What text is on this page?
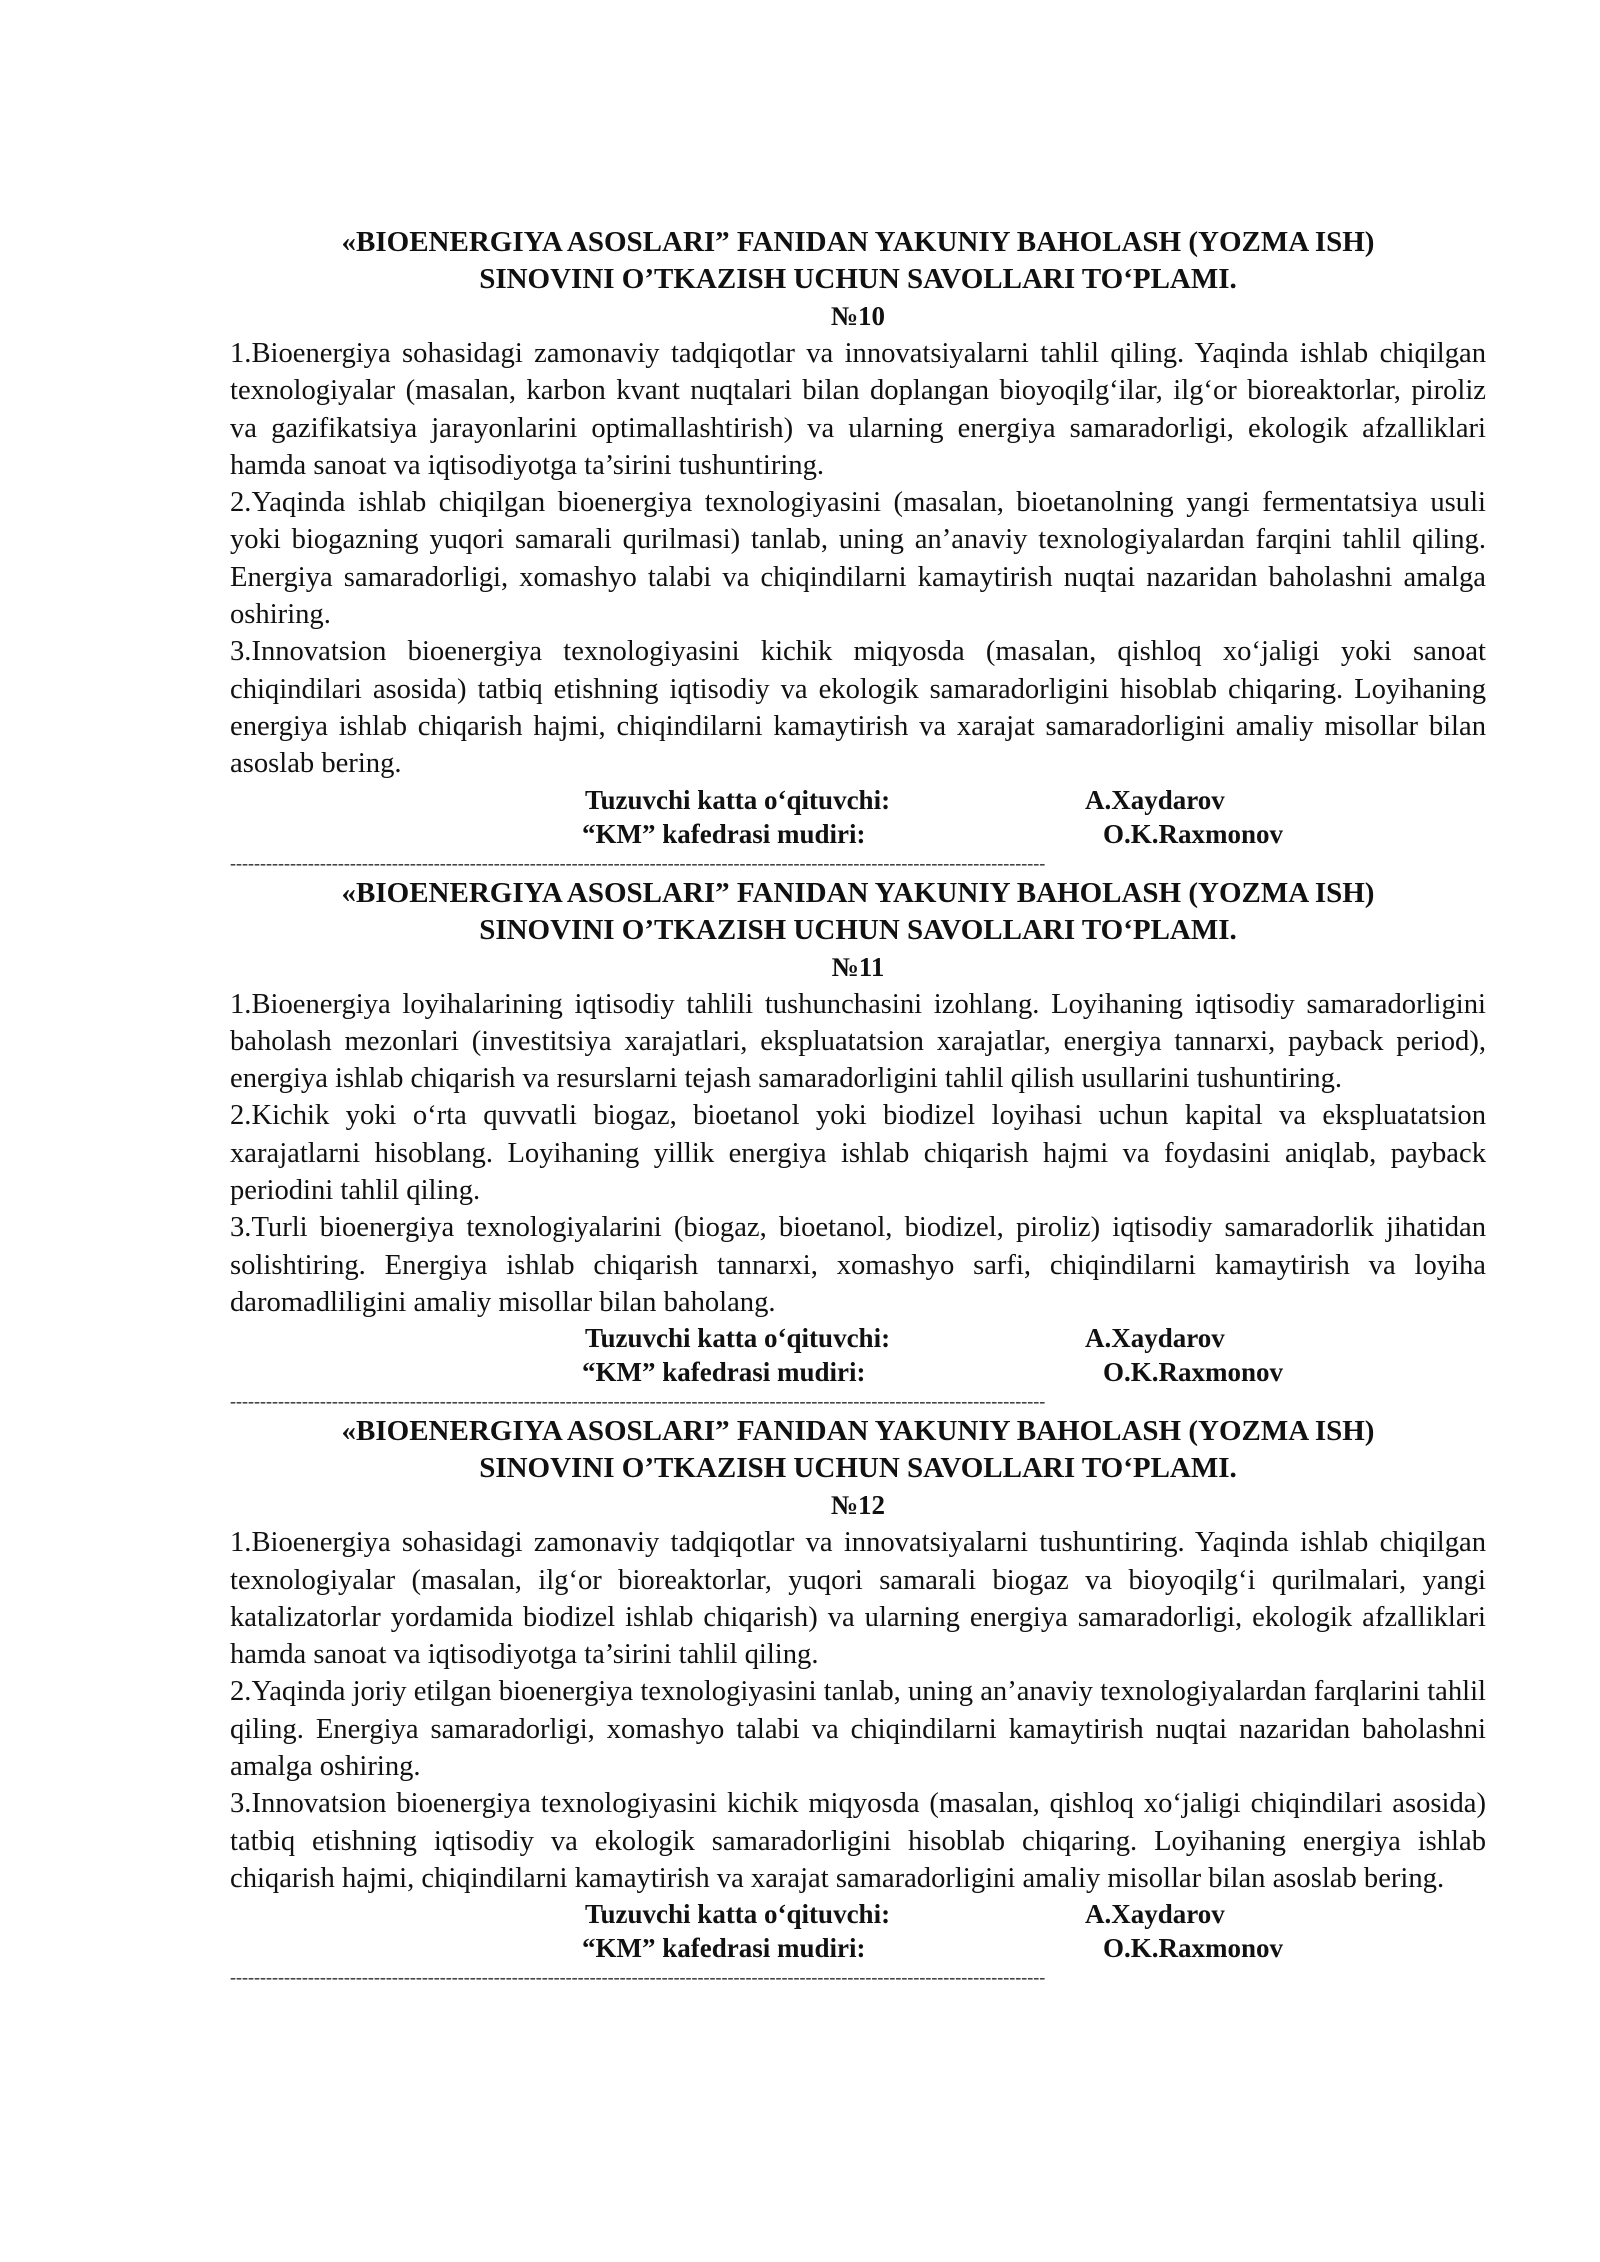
«BIOENERGIYA ASOSLARI” FANIDAN YAKUNIY BAHOLASH (YOZMA ISH)

SINOVINI O’TKAZISH UCHUN SAVOLLARI TO‘PLAMI.

№10

1.Bioenergiya sohasidagi zamonaviy tadqiqotlar va innovatsiyalarni tahlil qiling. Yaqinda ishlab chiqilgan texnologiyalar (masalan, karbon kvant nuqtalari bilan doplangan bioyoqilg‘ilar, ilg‘or bioreaktorlar, piroliz va gazifikatsiya jarayonlarini optimallashtirish) va ularning energiya samaradorligi, ekologik afzalliklari hamda sanoat va iqtisodiyotga ta’sirini tushuntiring.

2.Yaqinda ishlab chiqilgan bioenergiya texnologiyasini (masalan, bioetanolning yangi fermentatsiya usuli yoki biogazning yuqori samarali qurilmasi) tanlab, uning an’anaviy texnologiyalardan farqini tahlil qiling. Energiya samaradorligi, xomashyo talabi va chiqindilarni kamaytirish nuqtai nazaridan baholashni amalga oshiring.

3.Innovatsion bioenergiya texnologiyasini kichik miqyosda (masalan, qishloq xo‘jaligi yoki sanoat chiqindilari asosida) tatbiq etishning iqtisodiy va ekologik samaradorligini hisoblab chiqaring. Loyihaning energiya ishlab chiqarish hajmi, chiqindilarni kamaytirish va xarajat samaradorligini amaliy misollar bilan asoslab bering.

Tuzuvchi katta o‘qituvchi:	A.Xaydarov
“KM” kafedrasi mudiri:	O.K.Raxmonov
----------------------------------------------------------------------------------------------------------------------------------------

«BIOENERGIYA ASOSLARI” FANIDAN YAKUNIY BAHOLASH (YOZMA ISH)

SINOVINI O’TKAZISH UCHUN SAVOLLARI TO‘PLAMI.

№11

1.Bioenergiya loyihalarining iqtisodiy tahlili tushunchasini izohlang. Loyihaning iqtisodiy samaradorligini baholash mezonlari (investitsiya xarajatlari, ekspluatatsion xarajatlar, energiya tannarxi, payback period), energiya ishlab chiqarish va resurslarni tejash samaradorligini tahlil qilish usullarini tushuntiring.

2.Kichik yoki o‘rta quvvatli biogaz, bioetanol yoki biodizel loyihasi uchun kapital va ekspluatatsion xarajatlarni hisoblang. Loyihaning yillik energiya ishlab chiqarish hajmi va foydasini aniqlab, payback periodini tahlil qiling.

3.Turli bioenergiya texnologiyalarini (biogaz, bioetanol, biodizel, piroliz) iqtisodiy samaradorlik jihatidan solishtiring. Energiya ishlab chiqarish tannarxi, xomashyo sarfi, chiqindilarni kamaytirish va loyiha daromadliligini amaliy misollar bilan baholang.

Tuzuvchi katta o‘qituvchi:	A.Xaydarov
“KM” kafedrasi mudiri:	O.K.Raxmonov
----------------------------------------------------------------------------------------------------------------------------------------

«BIOENERGIYA ASOSLARI” FANIDAN YAKUNIY BAHOLASH (YOZMA ISH)

SINOVINI O’TKAZISH UCHUN SAVOLLARI TO‘PLAMI.

№12

1.Bioenergiya sohasidagi zamonaviy tadqiqotlar va innovatsiyalarni tushuntiring. Yaqinda ishlab chiqilgan texnologiyalar (masalan, ilg‘or bioreaktorlar, yuqori samarali biogaz va bioyoqilg‘i qurilmalari, yangi katalizatorlar yordamida biodizel ishlab chiqarish) va ularning energiya samaradorligi, ekologik afzalliklari hamda sanoat va iqtisodiyotga ta’sirini tahlil qiling.

2.Yaqinda joriy etilgan bioenergiya texnologiyasini tanlab, uning an’anaviy texnologiyalardan farqlarini tahlil qiling. Energiya samaradorligi, xomashyo talabi va chiqindilarni kamaytirish nuqtai nazaridan baholashni amalga oshiring.

3.Innovatsion bioenergiya texnologiyasini kichik miqyosda (masalan, qishloq xo‘jaligi chiqindilari asosida) tatbiq etishning iqtisodiy va ekologik samaradorligini hisoblab chiqaring. Loyihaning energiya ishlab chiqarish hajmi, chiqindilarni kamaytirish va xarajat samaradorligini amaliy misollar bilan asoslab bering.

Tuzuvchi katta o‘qituvchi:	A.Xaydarov
“KM” kafedrasi mudiri:	O.K.Raxmonov
----------------------------------------------------------------------------------------------------------------------------------------
